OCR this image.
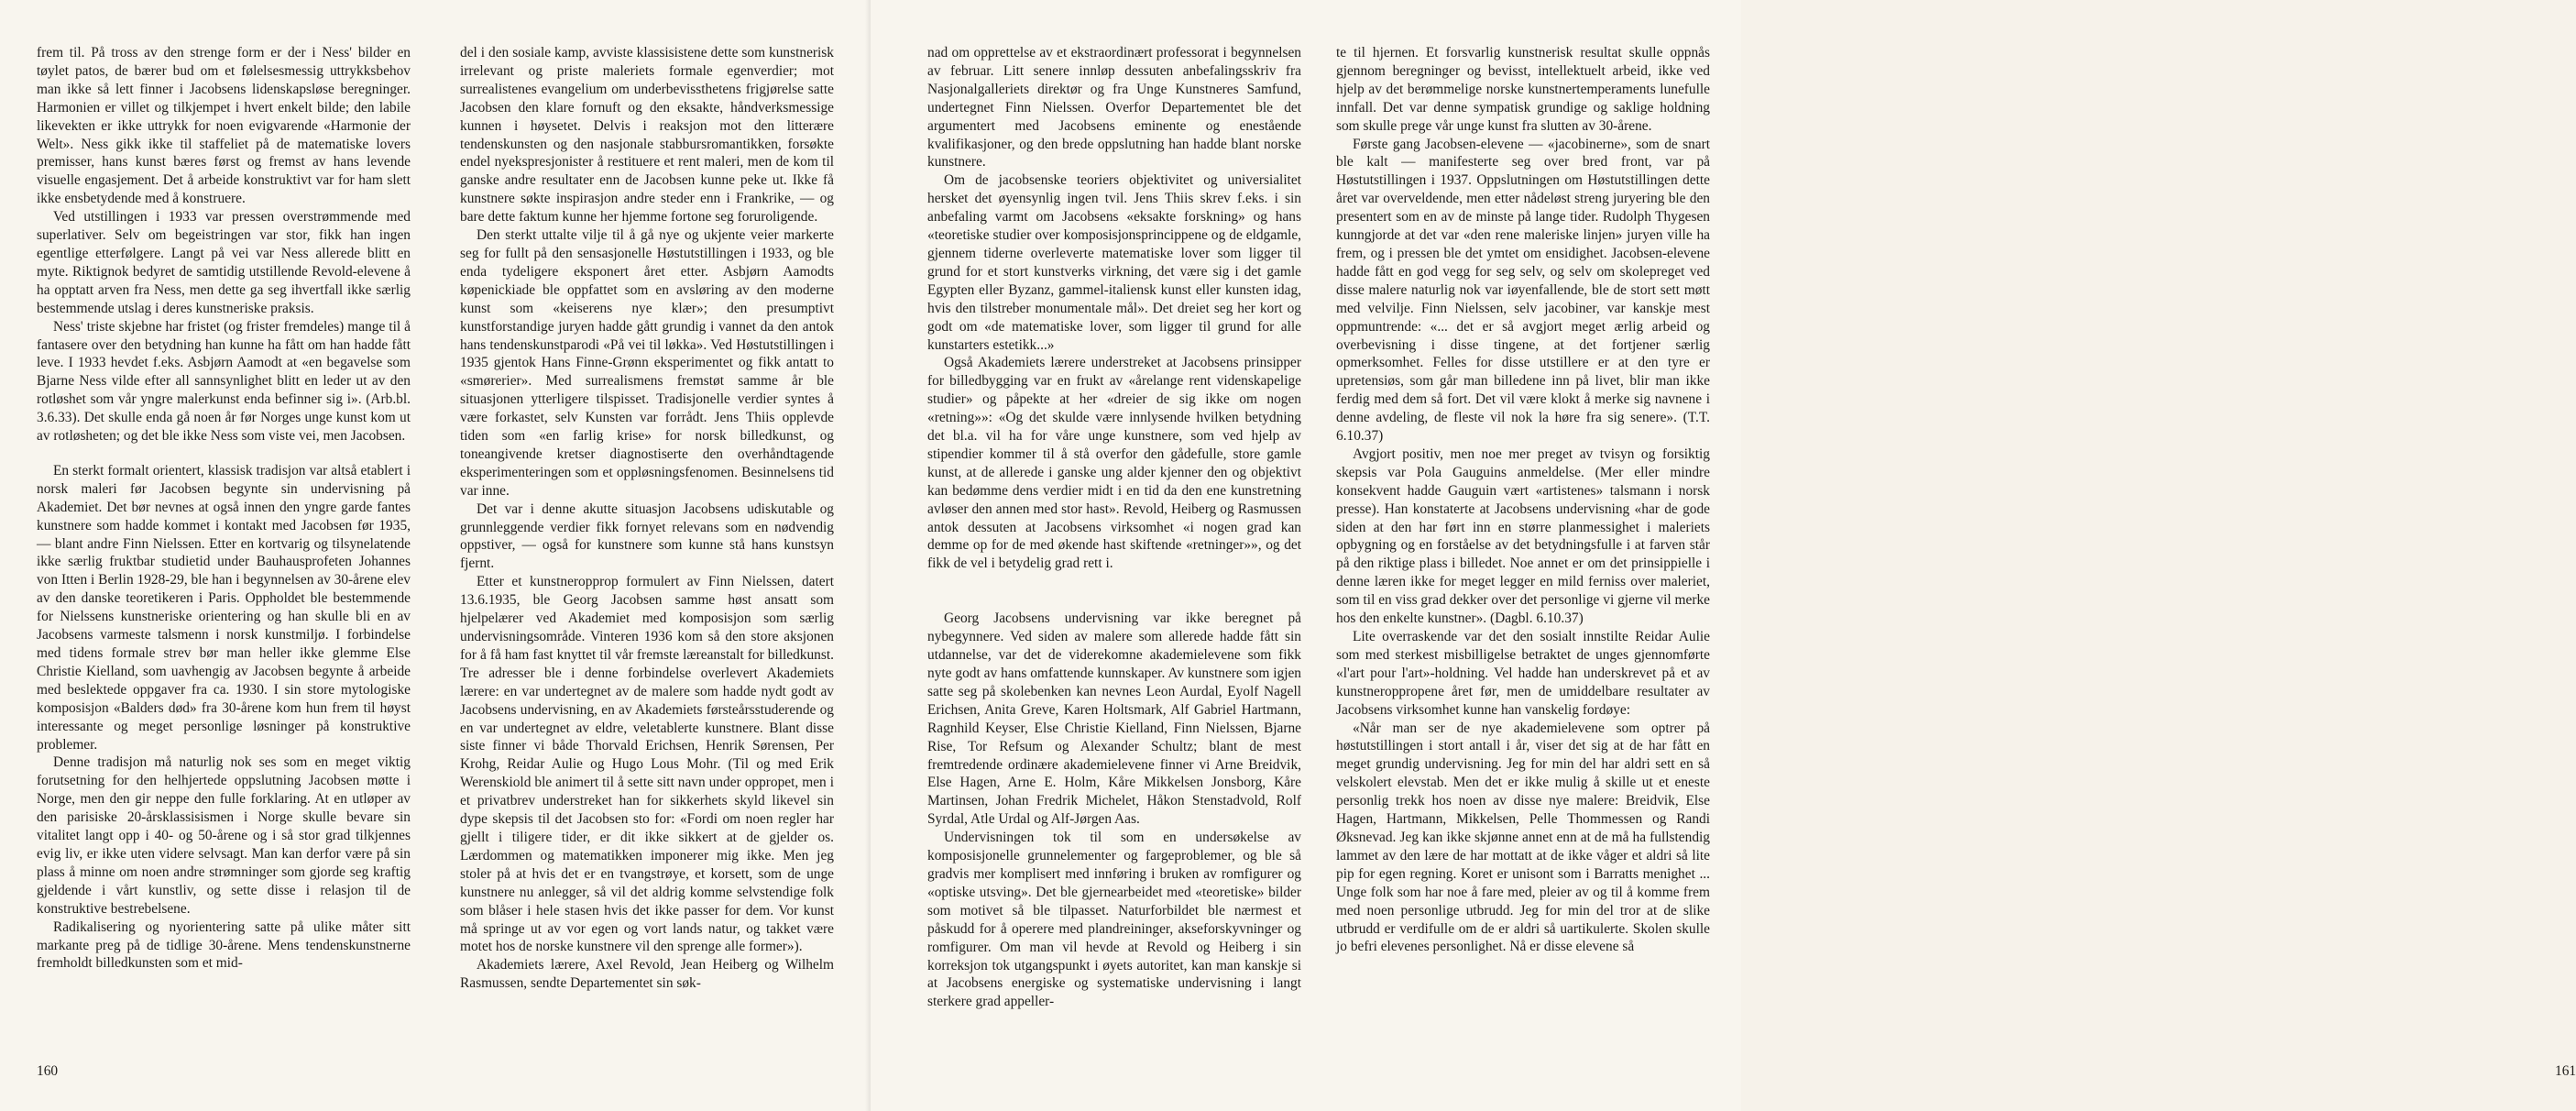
frem til. På tross av den strenge form er der i Ness' bilder en tøylet patos, de bærer bud om et følelsesmessig uttrykksbehov man ikke så lett finner i Jacobsens lidenskapsløse beregninger. Harmonien er villet og tilkjempet i hvert enkelt bilde; den labile likevekten er ikke uttrykk for noen evigvarende «Harmonie der Welt». Ness gikk ikke til staffeliet på de matematiske lovers premisser, hans kunst bæres først og fremst av hans levende visuelle engasjement. Det å arbeide konstruktivt var for ham slett ikke ensbetydende med å konstruere.

Ved utstillingen i 1933 var pressen overstrømmende med superlativer. Selv om begeistringen var stor, fikk han ingen egentlige etterfølgere. Langt på vei var Ness allerede blitt en myte. Riktignok bedyret de samtidig utstillende Revold-elevene å ha opptatt arven fra Ness, men dette ga seg ihvertfall ikke særlig bestemmende utslag i deres kunstneriske praksis.

Ness' triste skjebne har fristet (og frister fremdeles) mange til å fantasere over den betydning han kunne ha fått om han hadde fått leve. I 1933 hevdet f.eks. Asbjørn Aamodt at «en begavelse som Bjarne Ness vilde efter all sannsynlighet blitt en leder ut av den rotløshet som vår yngre malerkunst enda befinner sig i». (Arb.bl. 3.6.33). Det skulle enda gå noen år før Norges unge kunst kom ut av rotløsheten; og det ble ikke Ness som viste vei, men Jacobsen.

En sterkt formalt orientert, klassisk tradisjon var altså etablert i norsk maleri før Jacobsen begynte sin undervisning på Akademiet. Det bør nevnes at også innen den yngre garde fantes kunstnere som hadde kommet i kontakt med Jacobsen før 1935, — blant andre Finn Nielssen. Etter en kortvarig og tilsynelatende ikke særlig fruktbar studietid under Bauhausprofeten Johannes von Itten i Berlin 1928-29, ble han i begynnelsen av 30-årene elev av den danske teoretikeren i Paris. Oppholdet ble bestemmende for Nielssens kunstneriske orientering og han skulle bli en av Jacobsens varmeste talsmenn i norsk kunstmiljø. I forbindelse med tidens formale strev bør man heller ikke glemme Else Christie Kielland, som uavhengig av Jacobsen begynte å arbeide med beslektede oppgaver fra ca. 1930. I sin store mytologiske komposisjon «Balders død» fra 30-årene kom hun frem til høyst interessante og meget personlige løsninger på konstruktive problemer.

Denne tradisjon må naturlig nok ses som en meget viktig forutsetning for den helhjertede oppslutning Jacobsen møtte i Norge, men den gir neppe den fulle forklaring. At en utløper av den parisiske 20-årsklassisismen i Norge skulle bevare sin vitalitet langt opp i 40- og 50-årene og i så stor grad tilkjennes evig liv, er ikke uten videre selvsagt. Man kan derfor være på sin plass å minne om noen andre strømninger som gjorde seg kraftig gjeldende i vårt kunstliv, og sette disse i relasjon til de konstruktive bestrebelsene.

Radikalisering og nyorientering satte på ulike måter sitt markante preg på de tidlige 30-årene. Mens tendenskunstnerne fremholdt billedkunsten som et mid-

del i den sosiale kamp, avviste klassisistene dette som kunstnerisk irrelevant og priste maleriets formale egenverdier; mot surrealistenes evangelium om underbevissthetens frigjørelse satte Jacobsen den klare fornuft og den eksakte, håndverksmessige kunnen i høysetet. Delvis i reaksjon mot den litterære tendenskunsten og den nasjonale stabbursromantikken, forsøkte endel nyekspresjonister å restituere et rent maleri, men de kom til ganske andre resultater enn de Jacobsen kunne peke ut. Ikke få kunstnere søkte inspirasjon andre steder enn i Frankrike, — og bare dette faktum kunne her hjemme fortone seg foruroligende.

Den sterkt uttalte vilje til å gå nye og ukjente veier markerte seg for fullt på den sensasjonelle Høstutstillingen i 1933, og ble enda tydeligere eksponert året etter. Asbjørn Aamodts køpenickiade ble oppfattet som en avsløring av den moderne kunst som «keiserens nye klær»; den presumptivt kunstforstandige juryen hadde gått grundig i vannet da den antok hans tendenskunstparodi «På vei til løkka». Ved Høstutstillingen i 1935 gjentok Hans Finne-Grønn eksperimentet og fikk antatt to «smørerier». Med surrealismens fremstøt samme år ble situasjonen ytterligere tilspisset. Tradisjonelle verdier syntes å være forkastet, selv Kunsten var forrådt. Jens Thiis opplevde tiden som «en farlig krise» for norsk billedkunst, og toneangivende kretser diagnostiserte den overhåndtagende eksperimenteringen som et oppløsningsfenomen. Besinnelsens tid var inne.

Det var i denne akutte situasjon Jacobsens udiskutable og grunnleggende verdier fikk fornyet relevans som en nødvendig oppstiver, — også for kunstnere som kunne stå hans kunstsyn fjernt.

Etter et kunstneropprop formulert av Finn Nielssen, datert 13.6.1935, ble Georg Jacobsen samme høst ansatt som hjelpelærer ved Akademiet med komposisjon som særlig undervisningsområde. Vinteren 1936 kom så den store aksjonen for å få ham fast knyttet til vår fremste læreanstalt for billedkunst. Tre adresser ble i denne forbindelse overlevert Akademiets lærere: en var undertegnet av de malere som hadde nydt godt av Jacobsens undervisning, en av Akademiets førsteårsstuderende og en var undertegnet av eldre, veletablerte kunstnere. Blant disse siste finner vi både Thorvald Erichsen, Henrik Sørensen, Per Krohg, Reidar Aulie og Hugo Lous Mohr. (Til og med Erik Werenskiold ble animert til å sette sitt navn under oppropet, men i et privatbrev understreket han for sikkerhets skyld likevel sin dype skepsis til det Jacobsen sto for: «Fordi om noen regler har gjellt i tiligere tider, er dit ikke sikkert at de gjelder os. Lærdommen og matematikken imponerer mig ikke. Men jeg stoler på at hvis det er en tvangstrøye, et korsett, som de unge kunstnere nu anlegger, så vil det aldrig komme selvstendige folk som blåser i hele stasen hvis det ikke passer for dem. Vor kunst må springe ut av vor egen og vort lands natur, og takket være motet hos de norske kunstnere vil den sprenge alle former»).

Akademiets lærere, Axel Revold, Jean Heiberg og Wilhelm Rasmussen, sendte Departementet sin søk-

160	161

nad om opprettelse av et ekstraordinært professorat i begynnelsen av februar. Litt senere innløp dessuten anbefalingsskriv fra Nasjonalgalleriets direktør og fra Unge Kunstneres Samfund, undertegnet Finn Nielssen. Overfor Departementet ble det argumentert med Jacobsens eminente og enestående kvalifikasjoner, og den brede oppslutning han hadde blant norske kunstnere.

Om de jacobsenske teoriers objektivitet og universialitet hersket det øyensynlig ingen tvil. Jens Thiis skrev f.eks. i sin anbefaling varmt om Jacobsens «eksakte forskning» og hans «teoretiske studier over komposisjonsprincippene og de eldgamle, gjennem tiderne overleverte matematiske lover som ligger til grund for et stort kunstverks virkning, det være sig i det gamle Egypten eller Byzanz, gammel-italiensk kunst eller kunsten idag, hvis den tilstreber monumentale mål». Det dreiet seg her kort og godt om «de matematiske lover, som ligger til grund for alle kunstarters estetikk...»

Også Akademiets lærere understreket at Jacobsens prinsipper for billedbygging var en frukt av «årelange rent videnskapelige studier» og påpekte at her «dreier de sig ikke om nogen «retning»»: «Og det skulde være innlysende hvilken betydning det bl.a. vil ha for våre unge kunstnere, som ved hjelp av stipendier kommer til å stå overfor den gådefulle, store gamle kunst, at de allerede i ganske ung alder kjenner den og objektivt kan bedømme dens verdier midt i en tid da den ene kunstretning avløser den annen med stor hast». Revold, Heiberg og Rasmussen antok dessuten at Jacobsens virksomhet «i nogen grad kan demme op for de med økende hast skiftende «retninger»», og det fikk de vel i betydelig grad rett i.

Georg Jacobsens undervisning var ikke beregnet på nybegynnere. Ved siden av malere som allerede hadde fått sin utdannelse, var det de viderekomne akademielevene som fikk nyte godt av hans omfattende kunnskaper. Av kunstnere som igjen satte seg på skolebenken kan nevnes Leon Aurdal, Eyolf Nagell Erichsen, Anita Greve, Karen Holtsmark, Alf Gabriel Hartmann, Ragnhild Keyser, Else Christie Kielland, Finn Nielssen, Bjarne Rise, Tor Refsum og Alexander Schultz; blant de mest fremtredende ordinære akademielevene finner vi Arne Breidvik, Else Hagen, Arne E. Holm, Kåre Mikkelsen Jonsborg, Kåre Martinsen, Johan Fredrik Michelet, Håkon Stenstadvold, Rolf Syrdal, Atle Urdal og Alf-Jørgen Aas.

Undervisningen tok til som en undersøkelse av komposisjonelle grunnelementer og fargeproblemer, og ble så gradvis mer komplisert med innføring i bruken av romfigurer og «optiske utsving». Det ble gjernearbeidet med «teoretiske» bilder som motivet så ble tilpasset. Naturforbildet ble nærmest et påskudd for å operere med plandreininger, akseforskyvninger og romfigurer. Om man vil hevde at Revold og Heiberg i sin korreksjon tok utgangspunkt i øyets autoritet, kan man kanskje si at Jacobsens energiske og systematiske undervisning i langt sterkere grad appeller-

te til hjernen. Et forsvarlig kunstnerisk resultat skulle oppnås gjennom beregninger og bevisst, intellektuelt arbeid, ikke ved hjelp av det berømmelige norske kunstnertemperaments lunefulle innfall. Det var denne sympatisk grundige og saklige holdning som skulle prege vår unge kunst fra slutten av 30-årene.

Første gang Jacobsen-elevene — «jacobinerne», som de snart ble kalt — manifesterte seg over bred front, var på Høstutstillingen i 1937. Oppslutningen om Høstutstillingen dette året var overveldende, men etter nådeløst streng juryering ble den presentert som en av de minste på lange tider. Rudolph Thygesen kunngjorde at det var «den rene maleriske linjen» juryen ville ha frem, og i pressen ble det ymtet om ensidighet. Jacobsen-elevene hadde fått en god vegg for seg selv, og selv om skolepreget ved disse malere naturlig nok var iøyenfallende, ble de stort sett møtt med velvilje. Finn Nielssen, selv jacobiner, var kanskje mest oppmuntrende: «... det er så avgjort meget ærlig arbeid og overbevisning i disse tingene, at det fortjener særlig opmerksomhet. Felles for disse utstillere er at den tyre er upretensiøs, som går man billedene inn på livet, blir man ikke ferdig med dem så fort. Det vil være klokt å merke sig navnene i denne avdeling, de fleste vil nok la høre fra sig senere». (T.T. 6.10.37)

Avgjort positiv, men noe mer preget av tvisyn og forsiktig skepsis var Pola Gauguins anmeldelse. (Mer eller mindre konsekvent hadde Gauguin vært «artistenes» talsmann i norsk presse). Han konstaterte at Jacobsens undervisning «har de gode siden at den har ført inn en større planmessighet i maleriets opbygning og en forståelse av det betydningsfulle i at farven står på den riktige plass i billedet. Noe annet er om det prinsippielle i denne læren ikke for meget legger en mild ferniss over maleriet, som til en viss grad dekker over det personlige vi gjerne vil merke hos den enkelte kunstner». (Dagbl. 6.10.37)

Lite overraskende var det den sosialt innstilte Reidar Aulie som med sterkest misbilligelse betraktet de unges gjennomførte «l'art pour l'art»-holdning. Vel hadde han underskrevet på et av kunstneroppropene året før, men de umiddelbare resultater av Jacobsens virksomhet kunne han vanskelig fordøye:

«Når man ser de nye akademielevene som optrer på høstutstillingen i stort antall i år, viser det sig at de har fått en meget grundig undervisning. Jeg for min del har aldri sett en så velskolert elevstab. Men det er ikke mulig å skille ut et eneste personlig trekk hos noen av disse nye malere: Breidvik, Else Hagen, Hartmann, Mikkelsen, Pelle Thommessen og Randi Øksnevad. Jeg kan ikke skjønne annet enn at de må ha fullstendig lammet av den lære de har mottatt at de ikke våger et aldri så lite pip for egen regning. Koret er unisont som i Barratts menighet ... Unge folk som har noe å fare med, pleier av og til å komme frem med noen personlige utbrudd. Jeg for min del tror at de slike utbrudd er verdifulle om de er aldri så uartikulerte. Skolen skulle jo befri elevenes personlighet. Nå er disse elevene så
